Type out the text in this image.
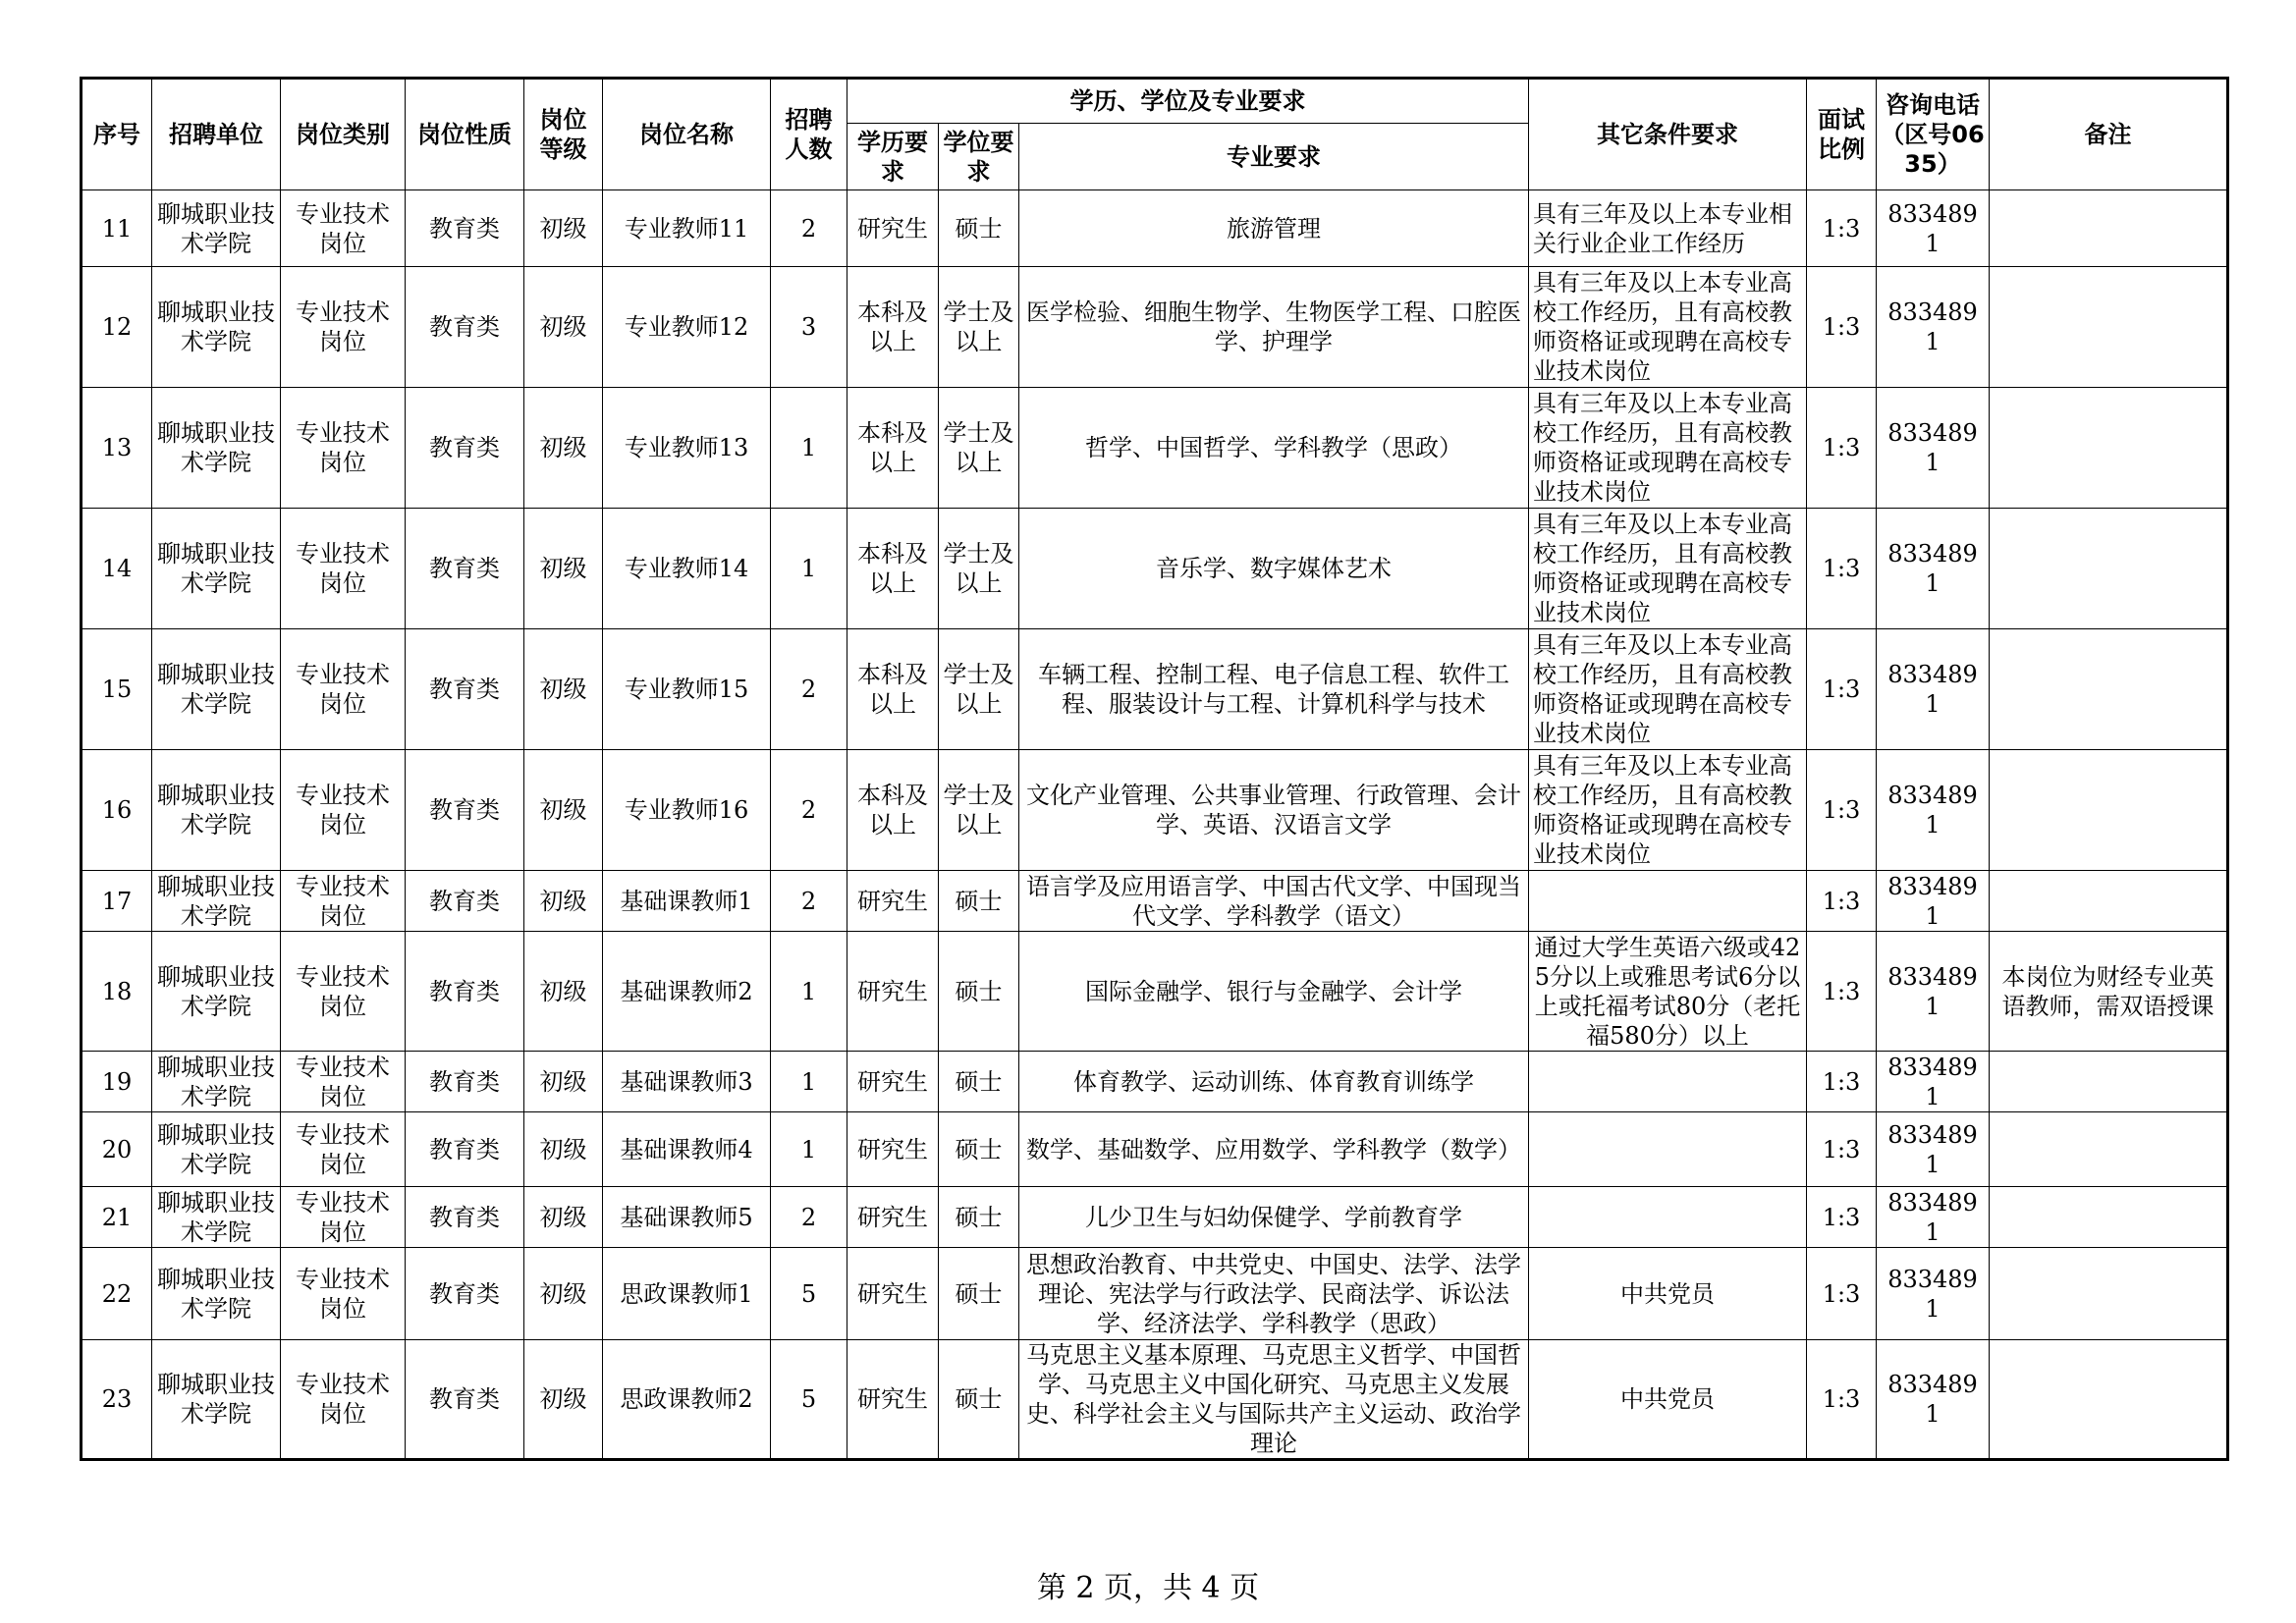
序号	招聘单位	岗位类别	岗位性质	岗位等级	岗位名称	招聘人数	学历、学位及专业要求			其它条件要求	面试比例	咨询电话（区号0635）	备注
							学历要求	学位要求	专业要求				
11	聊城职业技术学院	专业技术岗位	教育类	初级	专业教师11	2	研究生	硕士	旅游管理	具有三年及以上本专业相关行业企业工作经历	1:3	8334891	
12	聊城职业技术学院	专业技术岗位	教育类	初级	专业教师12	3	本科及以上	学士及以上	医学检验、细胞生物学、生物医学工程、口腔医学、护理学	具有三年及以上本专业高校工作经历，且有高校教师资格证或现聘在高校专业技术岗位	1:3	8334891	
13	聊城职业技术学院	专业技术岗位	教育类	初级	专业教师13	1	本科及以上	学士及以上	哲学、中国哲学、学科教学（思政）	具有三年及以上本专业高校工作经历，且有高校教师资格证或现聘在高校专业技术岗位	1:3	8334891	
14	聊城职业技术学院	专业技术岗位	教育类	初级	专业教师14	1	本科及以上	学士及以上	音乐学、数字媒体艺术	具有三年及以上本专业高校工作经历，且有高校教师资格证或现聘在高校专业技术岗位	1:3	8334891	
15	聊城职业技术学院	专业技术岗位	教育类	初级	专业教师15	2	本科及以上	学士及以上	车辆工程、控制工程、电子信息工程、软件工程、服装设计与工程、计算机科学与技术	具有三年及以上本专业高校工作经历，且有高校教师资格证或现聘在高校专业技术岗位	1:3	8334891	
16	聊城职业技术学院	专业技术岗位	教育类	初级	专业教师16	2	本科及以上	学士及以上	文化产业管理、公共事业管理、行政管理、会计学、英语、汉语言文学	具有三年及以上本专业高校工作经历，且有高校教师资格证或现聘在高校专业技术岗位	1:3	8334891	
17	聊城职业技术学院	专业技术岗位	教育类	初级	基础课教师1	2	研究生	硕士	语言学及应用语言学、中国古代文学、中国现当代文学、学科教学（语文）		1:3	8334891	
18	聊城职业技术学院	专业技术岗位	教育类	初级	基础课教师2	1	研究生	硕士	国际金融学、银行与金融学、会计学	通过大学生英语六级或425分以上或雅思考试6分以上或托福考试80分（老托福580分）以上	1:3	8334891	本岗位为财经专业英语教师，需双语授课
19	聊城职业技术学院	专业技术岗位	教育类	初级	基础课教师3	1	研究生	硕士	体育教学、运动训练、体育教育训练学		1:3	8334891	
20	聊城职业技术学院	专业技术岗位	教育类	初级	基础课教师4	1	研究生	硕士	数学、基础数学、应用数学、学科教学（数学）		1:3	8334891	
21	聊城职业技术学院	专业技术岗位	教育类	初级	基础课教师5	2	研究生	硕士	儿少卫生与妇幼保健学、学前教育学		1:3	8334891	
22	聊城职业技术学院	专业技术岗位	教育类	初级	思政课教师1	5	研究生	硕士	思想政治教育、中共党史、中国史、法学、法学理论、宪法学与行政法学、民商法学、诉讼法学、经济法学、学科教学（思政）	中共党员	1:3	8334891	
23	聊城职业技术学院	专业技术岗位	教育类	初级	思政课教师2	5	研究生	硕士	马克思主义基本原理、马克思主义哲学、中国哲学、马克思主义中国化研究、马克思主义发展史、科学社会主义与国际共产主义运动、政治学理论	中共党员	1:3	8334891	
第 2 页，共 4 页
